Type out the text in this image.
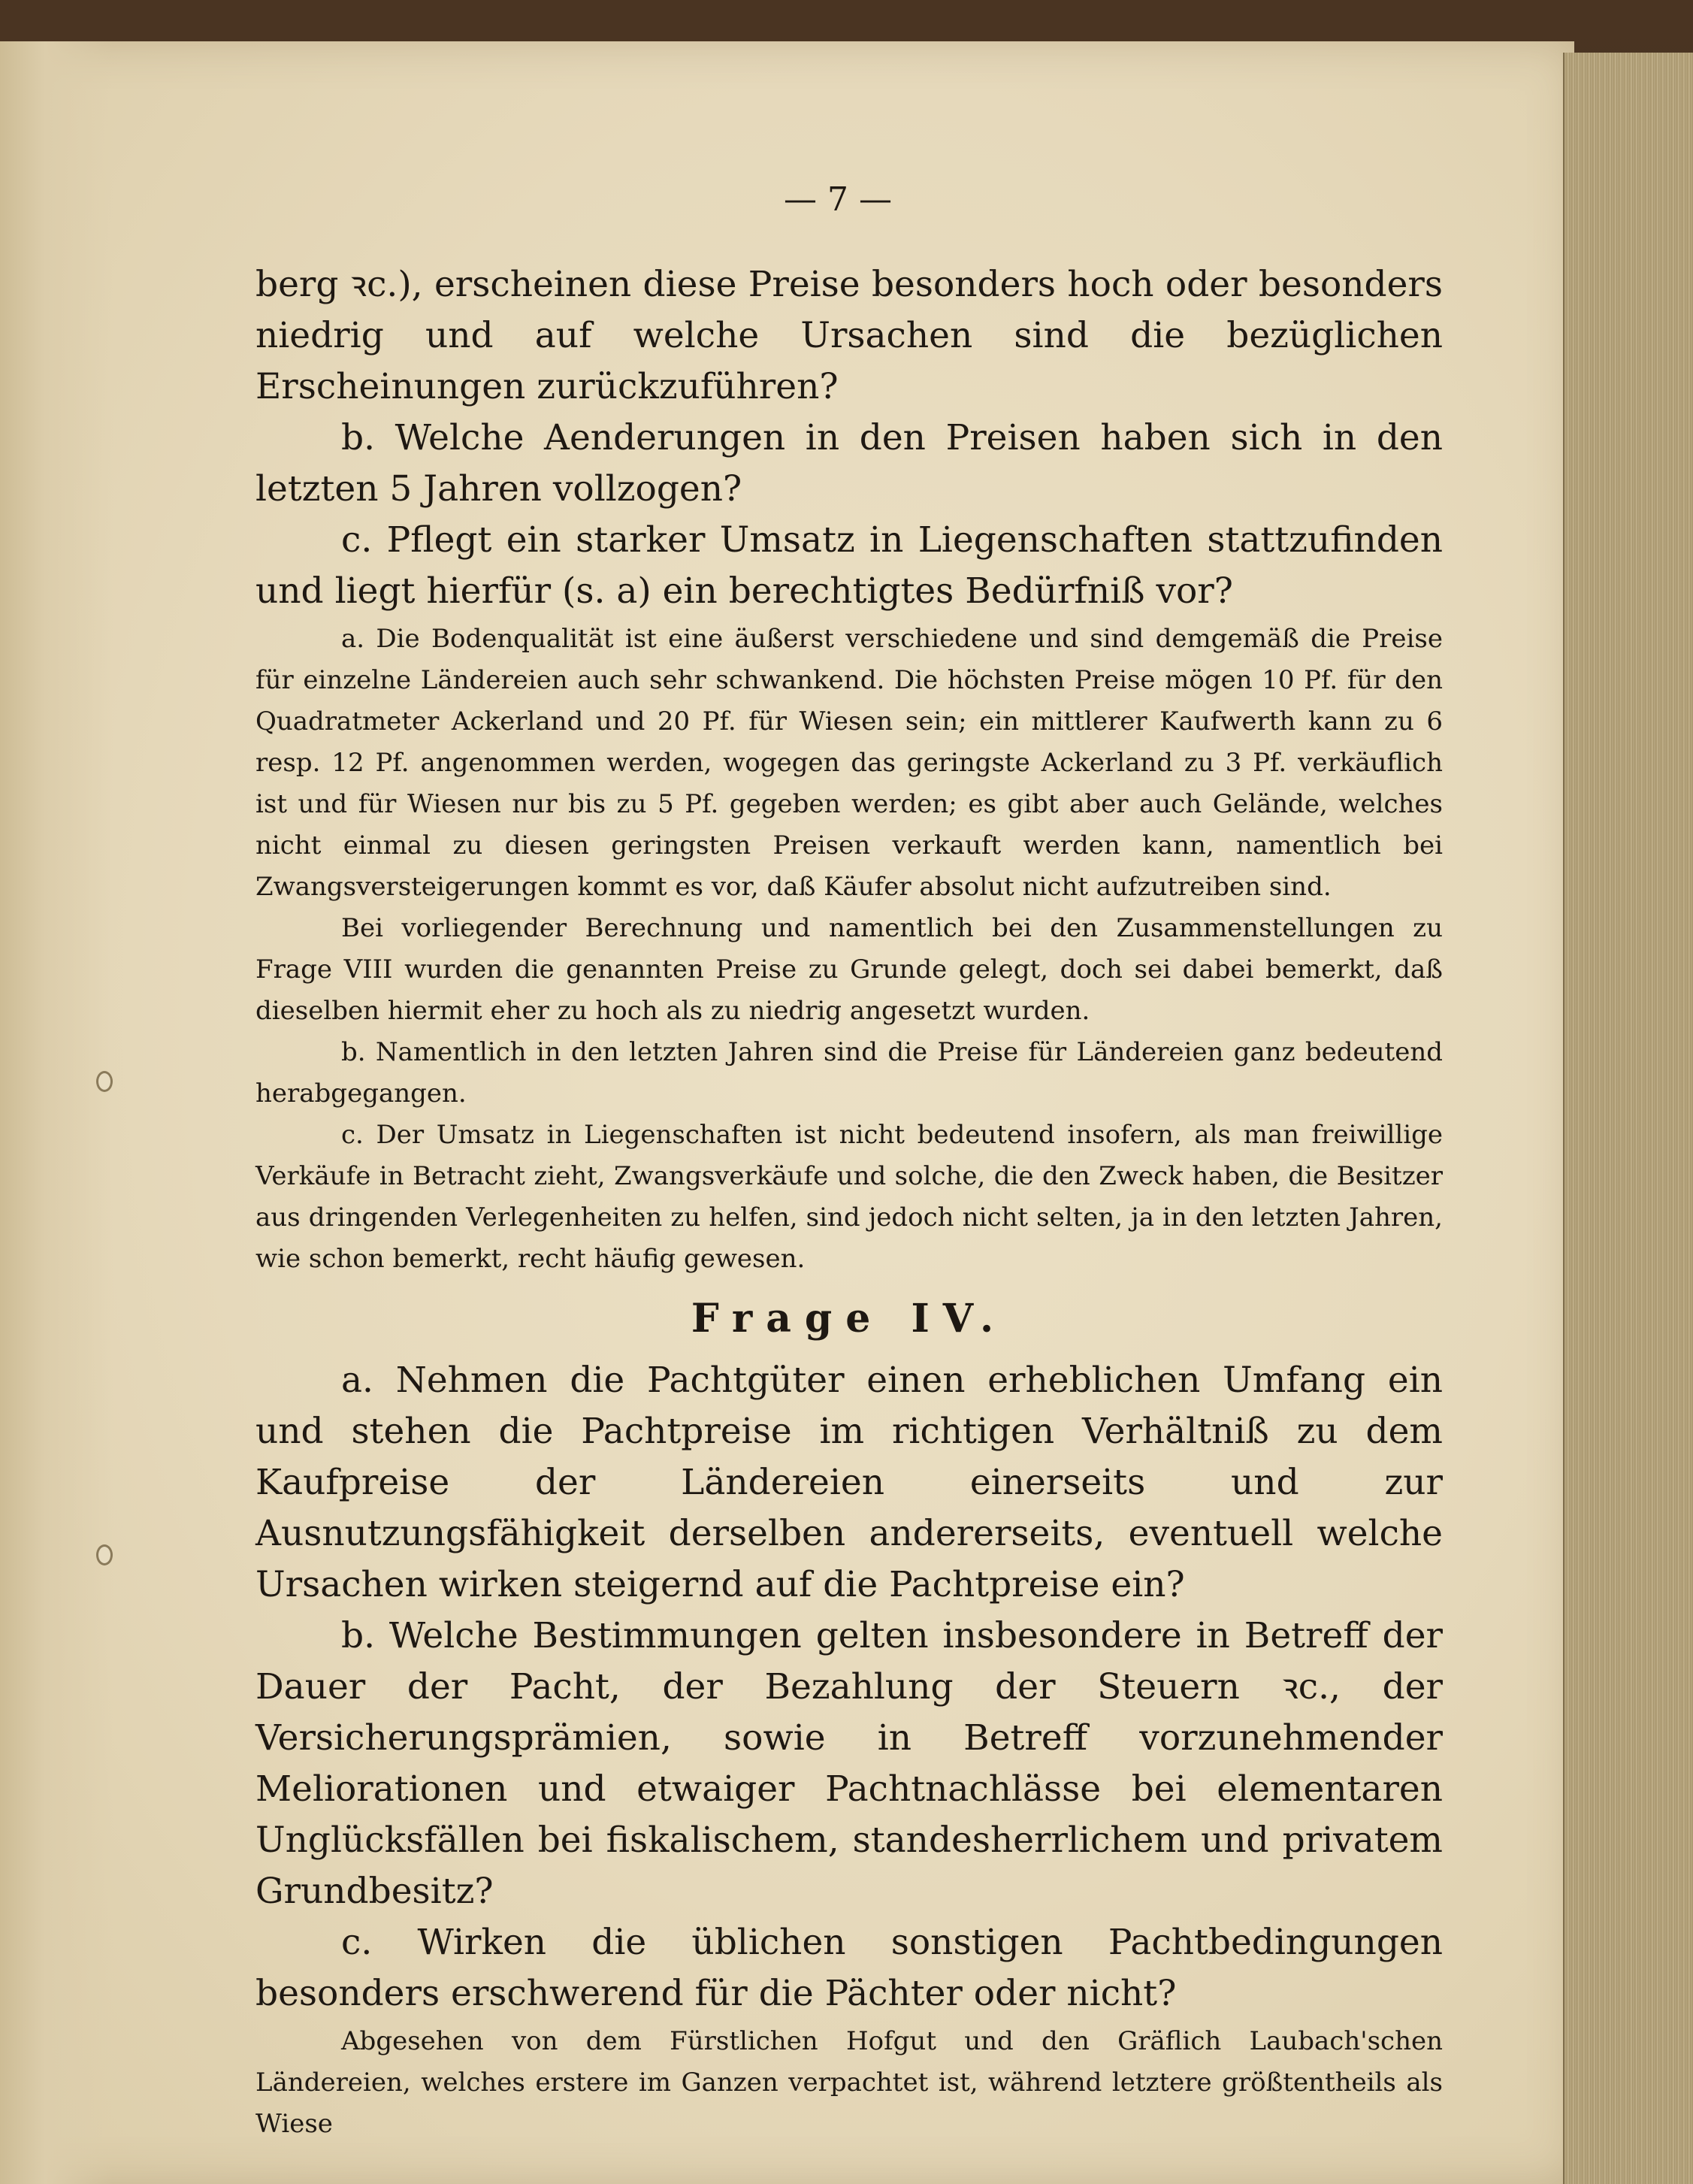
— 7 —

berg ꝛc.), erscheinen diese Preise besonders hoch oder besonders niedrig und auf welche Ursachen sind die bezüglichen Erscheinungen zurückzuführen?

b. Welche Aenderungen in den Preisen haben sich in den letzten 5 Jahren vollzogen?

c. Pflegt ein starker Umsatz in Liegenschaften stattzufinden und liegt hierfür (s. a) ein berechtigtes Bedürfniß vor?

a. Die Bodenqualität ist eine äußerst verschiedene und sind demgemäß die Preise für einzelne Ländereien auch sehr schwankend. Die höchsten Preise mögen 10 Pf. für den Quadratmeter Ackerland und 20 Pf. für Wiesen sein; ein mittlerer Kaufwerth kann zu 6 resp. 12 Pf. angenommen werden, wogegen das geringste Ackerland zu 3 Pf. verkäuflich ist und für Wiesen nur bis zu 5 Pf. gegeben werden; es gibt aber auch Gelände, welches nicht einmal zu diesen geringsten Preisen verkauft werden kann, namentlich bei Zwangsversteigerungen kommt es vor, daß Käufer absolut nicht aufzutreiben sind.

Bei vorliegender Berechnung und namentlich bei den Zusammenstellungen zu Frage VIII wurden die genannten Preise zu Grunde gelegt, doch sei dabei bemerkt, daß dieselben hiermit eher zu hoch als zu niedrig angesetzt wurden.

b. Namentlich in den letzten Jahren sind die Preise für Ländereien ganz bedeutend herabgegangen.

c. Der Umsatz in Liegenschaften ist nicht bedeutend insofern, als man freiwillige Verkäufe in Betracht zieht, Zwangsverkäufe und solche, die den Zweck haben, die Besitzer aus dringenden Verlegenheiten zu helfen, sind jedoch nicht selten, ja in den letzten Jahren, wie schon bemerkt, recht häufig gewesen.

Frage IV.

a. Nehmen die Pachtgüter einen erheblichen Umfang ein und stehen die Pachtpreise im richtigen Verhältniß zu dem Kaufpreise der Ländereien einerseits und zur Ausnutzungsfähigkeit derselben andererseits, eventuell welche Ursachen wirken steigernd auf die Pachtpreise ein?

b. Welche Bestimmungen gelten insbesondere in Betreff der Dauer der Pacht, der Bezahlung der Steuern ꝛc., der Versicherungsprämien, sowie in Betreff vorzunehmender Meliorationen und etwaiger Pachtnachlässe bei elementaren Unglücksfällen bei fiskalischem, standesherrlichem und privatem Grundbesitz?

c. Wirken die üblichen sonstigen Pachtbedingungen besonders erschwerend für die Pächter oder nicht?

Abgesehen von dem Fürstlichen Hofgut und den Gräflich Laubach'schen Ländereien, welches erstere im Ganzen verpachtet ist, während letztere größtentheils als Wiese
